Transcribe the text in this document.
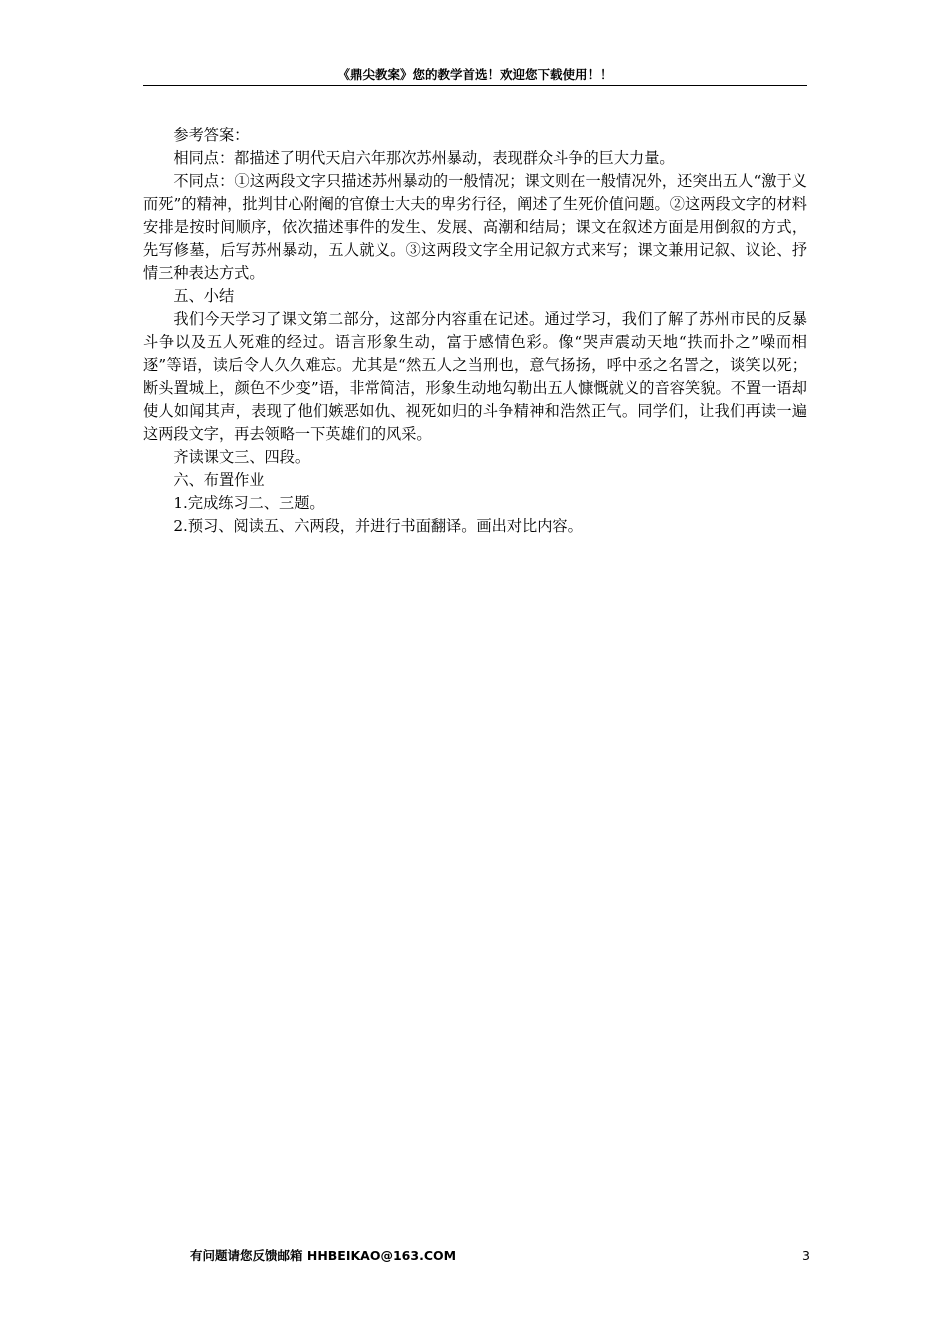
《鼎尖教案》您的教学首选！欢迎您下载使用！！

参考答案：

相同点：都描述了明代天启六年那次苏州暴动，表现群众斗争的巨大力量。

不同点：①这两段文字只描述苏州暴动的一般情况；课文则在一般情况外，还突出五人“激于义而死”的精神，批判甘心附阉的官僚士大夫的卑劣行径，阐述了生死价值问题。②这两段文字的材料安排是按时间顺序，依次描述事件的发生、发展、高潮和结局；课文在叙述方面是用倒叙的方式，先写修墓，后写苏州暴动，五人就义。③这两段文字全用记叙方式来写；课文兼用记叙、议论、抒情三种表达方式。

五、小结

我们今天学习了课文第二部分，这部分内容重在记述。通过学习，我们了解了苏州市民的反暴斗争以及五人死难的经过。语言形象生动，富于感情色彩。像“哭声震动天地“抶而扑之”噪而相逐”等语，读后令人久久难忘。尤其是“然五人之当刑也，意气扬扬，呼中丞之名詈之，谈笑以死；断头置城上，颜色不少变”语，非常简洁，形象生动地勾勒出五人慷慨就义的音容笑貌。不置一语却使人如闻其声，表现了他们嫉恶如仇、视死如归的斗争精神和浩然正气。同学们，让我们再读一遍这两段文字，再去领略一下英雄们的风采。

齐读课文三、四段。

六、布置作业

1.完成练习二、三题。

2.预习、阅读五、六两段，并进行书面翻译。画出对比内容。

有问题请您反馈邮箱 HHBEIKAO@163.COM	3
